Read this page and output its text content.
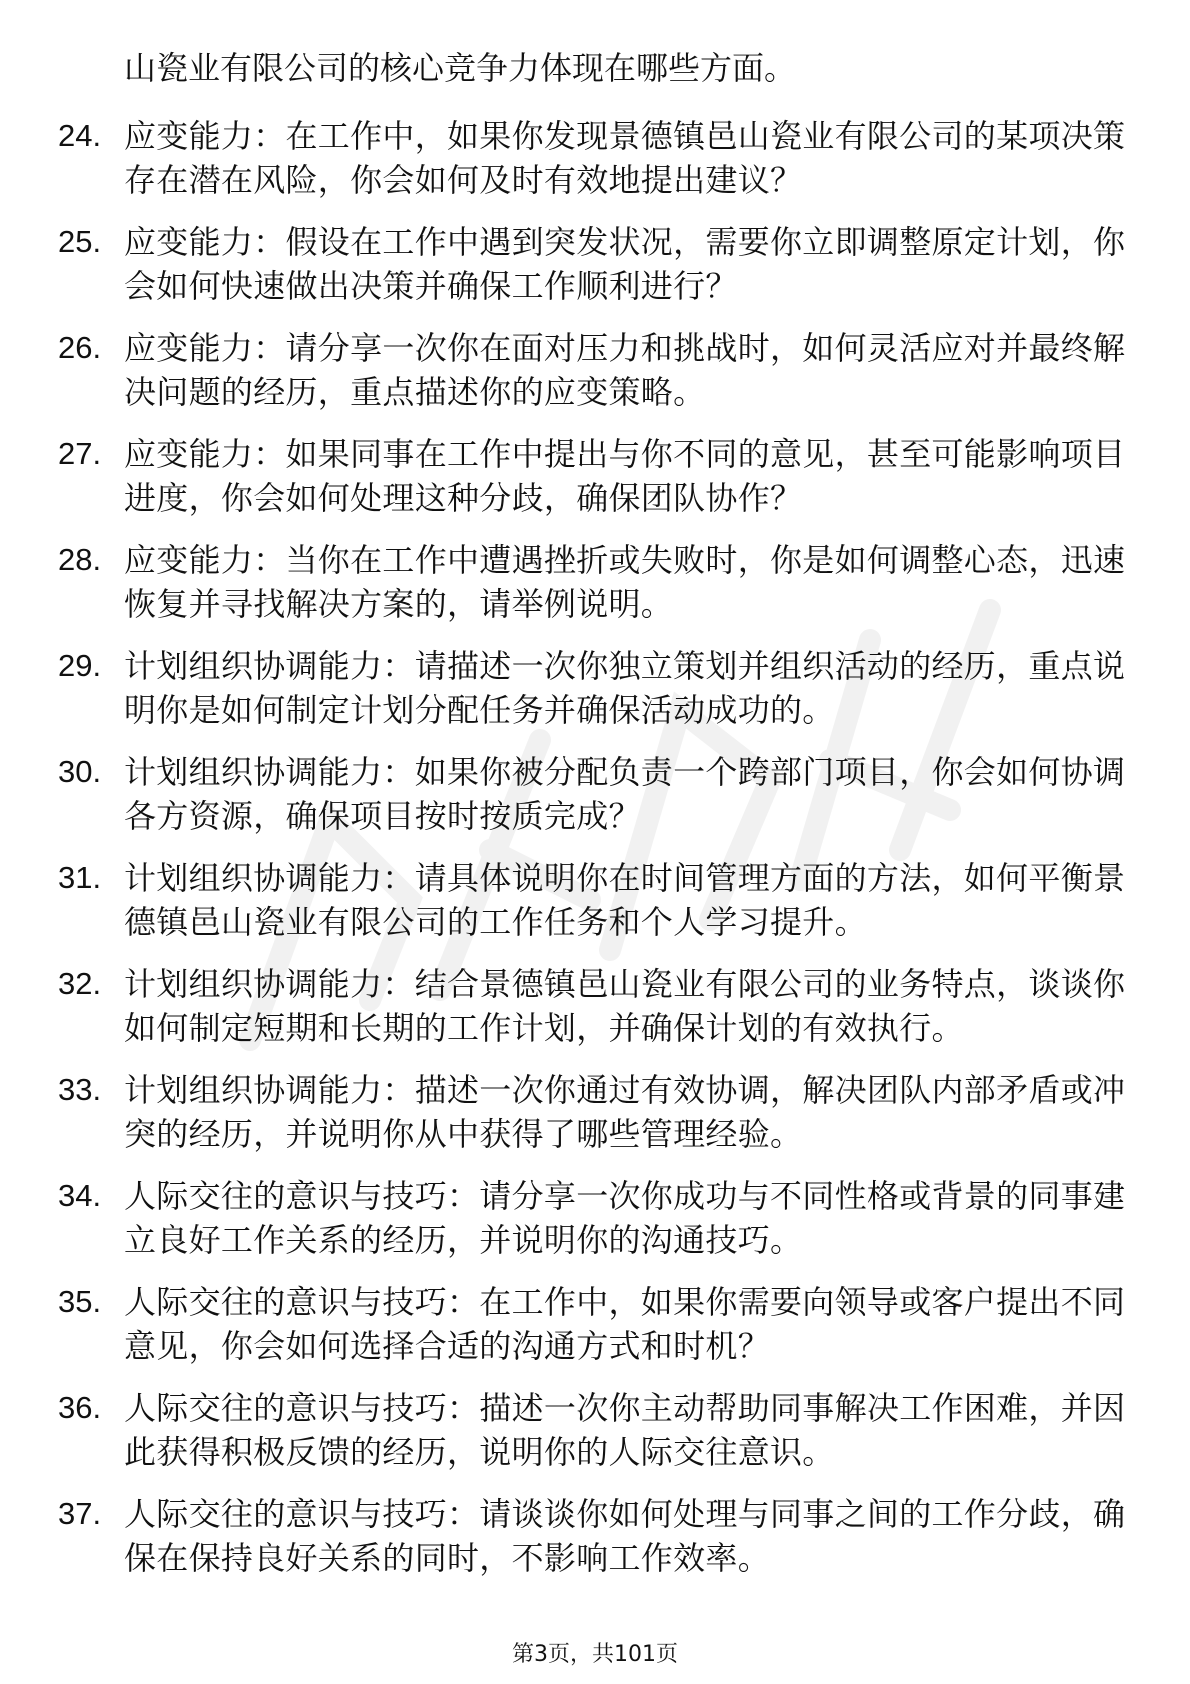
山瓷业有限公司的核心竞争力体现在哪些方面。
24. 应变能力：在工作中，如果你发现景德镇邑山瓷业有限公司的某项决策存在潜在风险，你会如何及时有效地提出建议？
25. 应变能力：假设在工作中遇到突发状况，需要你立即调整原定计划，你会如何快速做出决策并确保工作顺利进行？
26. 应变能力：请分享一次你在面对压力和挑战时，如何灵活应对并最终解决问题的经历，重点描述你的应变策略。
27. 应变能力：如果同事在工作中提出与你不同的意见，甚至可能影响项目进度，你会如何处理这种分歧，确保团队协作？
28. 应变能力：当你在工作中遭遇挫折或失败时，你是如何调整心态，迅速恢复并寻找解决方案的，请举例说明。
29. 计划组织协调能力：请描述一次你独立策划并组织活动的经历，重点说明你是如何制定计划分配任务并确保活动成功的。
30. 计划组织协调能力：如果你被分配负责一个跨部门项目，你会如何协调各方资源，确保项目按时按质完成？
31. 计划组织协调能力：请具体说明你在时间管理方面的方法，如何平衡景德镇邑山瓷业有限公司的工作任务和个人学习提升。
32. 计划组织协调能力：结合景德镇邑山瓷业有限公司的业务特点，谈谈你如何制定短期和长期的工作计划，并确保计划的有效执行。
33. 计划组织协调能力：描述一次你通过有效协调，解决团队内部矛盾或冲突的经历，并说明你从中获得了哪些管理经验。
34. 人际交往的意识与技巧：请分享一次你成功与不同性格或背景的同事建立良好工作关系的经历，并说明你的沟通技巧。
35. 人际交往的意识与技巧：在工作中，如果你需要向领导或客户提出不同意见，你会如何选择合适的沟通方式和时机？
36. 人际交往的意识与技巧：描述一次你主动帮助同事解决工作困难，并因此获得积极反馈的经历，说明你的人际交往意识。
37. 人际交往的意识与技巧：请谈谈你如何处理与同事之间的工作分歧，确保在保持良好关系的同时，不影响工作效率。
第3页，共101页
